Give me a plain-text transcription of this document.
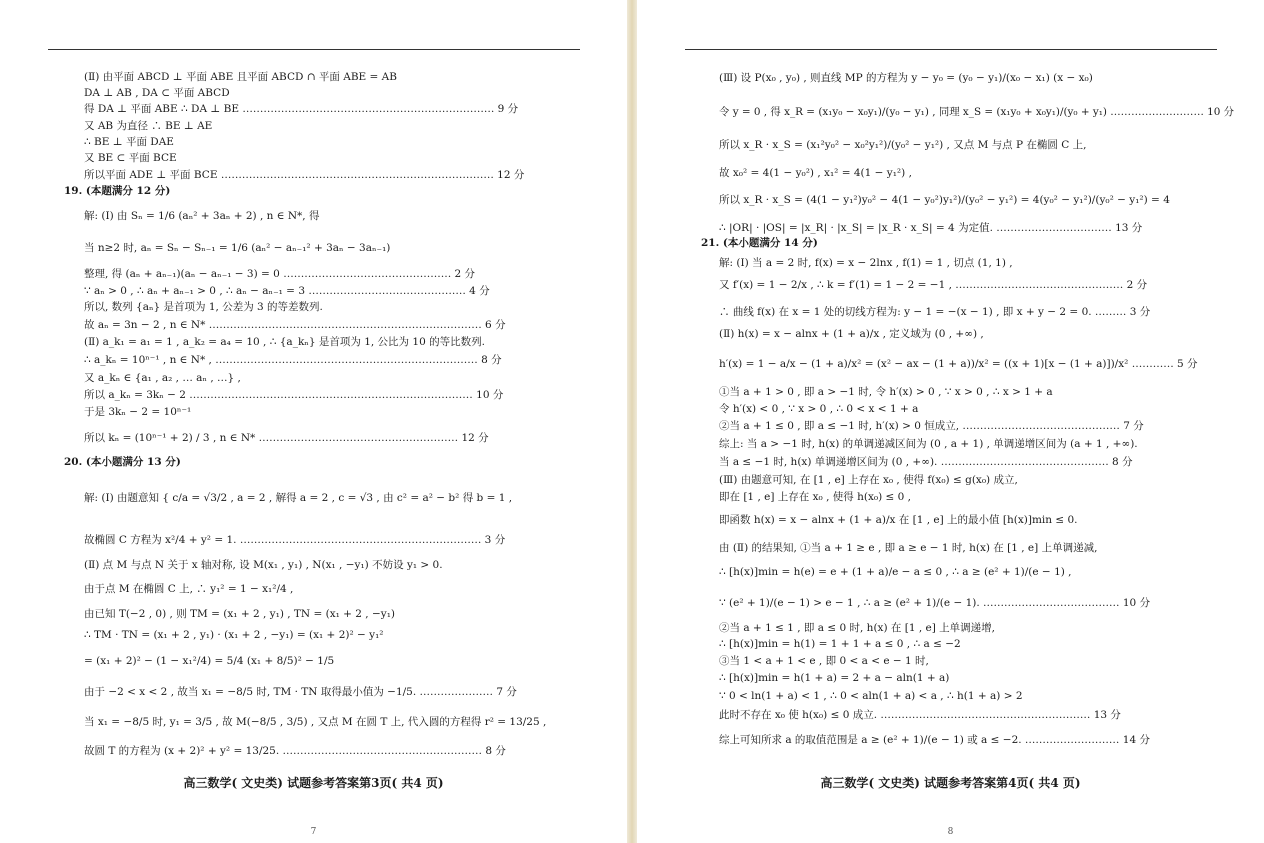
(Ⅱ) 由平面 ABCD ⊥ 平面 ABE 且平面 ABCD ∩ 平面 ABE = AB
DA ⊥ AB , DA ⊂ 平面 ABCD
得 DA ⊥ 平面 ABE ∴ DA ⊥ BE ……………………………………………………………… 9 分
又 AB 为直径 ∴ BE ⊥ AE
∴ BE ⊥ 平面 DAE
又 BE ⊂ 平面 BCE
所以平面 ADE ⊥ 平面 BCE …………………………………………………………………… 12 分
19. (本题满分 12 分)
解: (Ⅰ) 由 Sₙ = 1/6 (aₙ² + 3aₙ + 2) , n ∈ N*, 得
当 n≥2 时, aₙ = Sₙ − Sₙ₋₁ = 1/6 (aₙ² − aₙ₋₁² + 3aₙ − 3aₙ₋₁)
整理, 得 (aₙ + aₙ₋₁)(aₙ − aₙ₋₁ − 3) = 0 ………………………………………… 2 分
∵ aₙ > 0 , ∴ aₙ + aₙ₋₁ > 0 , ∴ aₙ − aₙ₋₁ = 3 ……………………………………… 4 分
所以, 数列 {aₙ} 是首项为 1, 公差为 3 的等差数列.
故 aₙ = 3n − 2 , n ∈ N* …………………………………………………………………… 6 分
(Ⅱ) a_k₁ = a₁ = 1 , a_k₂ = a₄ = 10 , ∴ {a_kₙ} 是首项为 1, 公比为 10 的等比数列.
∴ a_kₙ = 10ⁿ⁻¹ , n ∈ N* , ………………………………………………………………… 8 分
又 a_kₙ ∈ {a₁ , a₂ , … aₙ , …} ,
所以 a_kₙ = 3kₙ − 2 ……………………………………………………………………… 10 分
于是 3kₙ − 2 = 10ⁿ⁻¹
所以 kₙ = (10ⁿ⁻¹ + 2) / 3 , n ∈ N* ………………………………………………… 12 分
20. (本小题满分 13 分)
解: (Ⅰ) 由题意知 { c/a = √3/2 , a = 2 , 解得 a = 2 , c = √3 , 由 c² = a² − b² 得 b = 1 ,
故椭圆 C 方程为 x²/4 + y² = 1. …………………………………………………………… 3 分
(Ⅱ) 点 M 与点 N 关于 x 轴对称, 设 M(x₁ , y₁) , N(x₁ , −y₁) 不妨设 y₁ > 0.
由于点 M 在椭圆 C 上, ∴ y₁² = 1 − x₁²/4 ,
由已知 T(−2 , 0) , 则 TM = (x₁ + 2 , y₁) , TN = (x₁ + 2 , −y₁)
∴ TM · TN = (x₁ + 2 , y₁) · (x₁ + 2 , −y₁) = (x₁ + 2)² − y₁²
= (x₁ + 2)² − (1 − x₁²/4) = 5/4 (x₁ + 8/5)² − 1/5
由于 −2 < x < 2 , 故当 x₁ = −8/5 时, TM · TN 取得最小值为 −1/5. ………………… 7 分
当 x₁ = −8/5 时, y₁ = 3/5 , 故 M(−8/5 , 3/5) , 又点 M 在圆 T 上, 代入圆的方程得 r² = 13/25 ,
故圆 T 的方程为 (x + 2)² + y² = 13/25. ………………………………………………… 8 分
高三数学( 文史类) 试题参考答案第3页( 共4 页)
7
(Ⅲ) 设 P(x₀ , y₀) , 则直线 MP 的方程为 y − y₀ = (y₀ − y₁)/(x₀ − x₁) (x − x₀)
令 y = 0 , 得 x_R = (x₁y₀ − x₀y₁)/(y₀ − y₁) , 同理 x_S = (x₁y₀ + x₀y₁)/(y₀ + y₁) ……………………… 10 分
所以 x_R · x_S = (x₁²y₀² − x₀²y₁²)/(y₀² − y₁²) , 又点 M 与点 P 在椭圆 C 上,
故 x₀² = 4(1 − y₀²) , x₁² = 4(1 − y₁²) ,
所以 x_R · x_S = (4(1 − y₁²)y₀² − 4(1 − y₀²)y₁²)/(y₀² − y₁²) = 4(y₀² − y₁²)/(y₀² − y₁²) = 4
∴ |OR| · |OS| = |x_R| · |x_S| = |x_R · x_S| = 4 为定值. …………………………… 13 分
21. (本小题满分 14 分)
解: (Ⅰ) 当 a = 2 时, f(x) = x − 2lnx , f(1) = 1 , 切点 (1, 1) ,
又 f′(x) = 1 − 2/x , ∴ k = f′(1) = 1 − 2 = −1 , ………………………………………… 2 分
∴ 曲线 f(x) 在 x = 1 处的切线方程为: y − 1 = −(x − 1) , 即 x + y − 2 = 0. ……… 3 分
(Ⅱ) h(x) = x − alnx + (1 + a)/x , 定义域为 (0 , +∞) ,
h′(x) = 1 − a/x − (1 + a)/x² = (x² − ax − (1 + a))/x² = ((x + 1)[x − (1 + a)])/x² ………… 5 分
①当 a + 1 > 0 , 即 a > −1 时, 令 h′(x) > 0 , ∵ x > 0 , ∴ x > 1 + a
令 h′(x) < 0 , ∵ x > 0 , ∴ 0 < x < 1 + a
②当 a + 1 ≤ 0 , 即 a ≤ −1 时, h′(x) > 0 恒成立, ……………………………………… 7 分
综上: 当 a > −1 时, h(x) 的单调递减区间为 (0 , a + 1) , 单调递增区间为 (a + 1 , +∞).
当 a ≤ −1 时, h(x) 单调递增区间为 (0 , +∞). ………………………………………… 8 分
(Ⅲ) 由题意可知, 在 [1 , e] 上存在 x₀ , 使得 f(x₀) ≤ g(x₀) 成立,
即在 [1 , e] 上存在 x₀ , 使得 h(x₀) ≤ 0 ,
即函数 h(x) = x − alnx + (1 + a)/x 在 [1 , e] 上的最小值 [h(x)]min ≤ 0.
由 (Ⅱ) 的结果知, ①当 a + 1 ≥ e , 即 a ≥ e − 1 时, h(x) 在 [1 , e] 上单调递减,
∴ [h(x)]min = h(e) = e + (1 + a)/e − a ≤ 0 , ∴ a ≥ (e² + 1)/(e − 1) ,
∵ (e² + 1)/(e − 1) > e − 1 , ∴ a ≥ (e² + 1)/(e − 1). ………………………………… 10 分
②当 a + 1 ≤ 1 , 即 a ≤ 0 时, h(x) 在 [1 , e] 上单调递增,
∴ [h(x)]min = h(1) = 1 + 1 + a ≤ 0 , ∴ a ≤ −2
③当 1 < a + 1 < e , 即 0 < a < e − 1 时,
∴ [h(x)]min = h(1 + a) = 2 + a − aln(1 + a)
∵ 0 < ln(1 + a) < 1 , ∴ 0 < aln(1 + a) < a , ∴ h(1 + a) > 2
此时不存在 x₀ 使 h(x₀) ≤ 0 成立. …………………………………………………… 13 分
综上可知所求 a 的取值范围是 a ≥ (e² + 1)/(e − 1) 或 a ≤ −2. ……………………… 14 分
高三数学( 文史类) 试题参考答案第4页( 共4 页)
8
